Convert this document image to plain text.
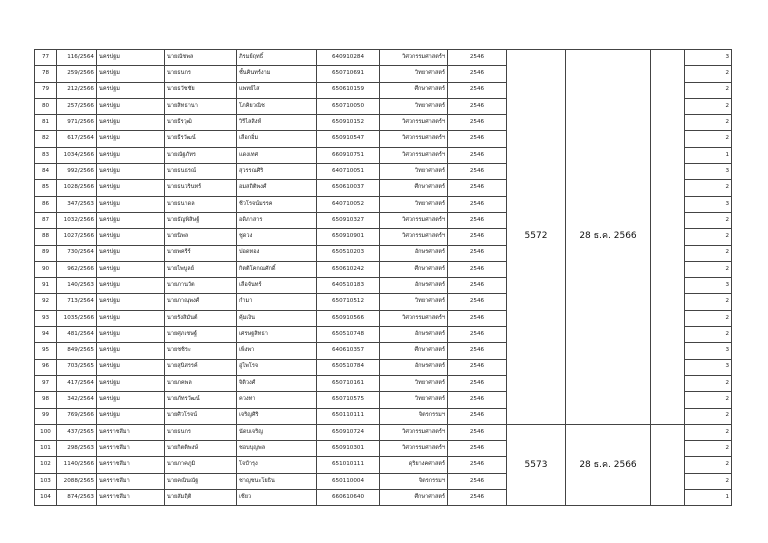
77	116/2564	นครปฐม	นายณัชพล	ภิรมย์ฤทธิ์	640910284	วิศวกรรมศาสตร์ฯ	2546	5572	28 ธ.ค. 2566		3
78	259/2566	นครปฐม	นายธนกร	ชั้นคินทร์งาม	650710691	วิทยาศาสตร์	2546				2
79	212/2566	นครปฐม	นายธวัชชัย	แพทย์ไส	650610159	ศึกษาศาสตร์	2546				2
80	257/2566	นครปฐม	นายสิทธานา	โภคิยวณิช	650710050	วิทยาศาสตร์	2546				2
81	971/2566	นครปฐม	นายธีรวุฒิ	วิรีไลสิงห์	650910152	วิศวกรรมศาสตร์ฯ	2546				2
82	617/2564	นครปฐม	นายธีรวัฒน์	เลือกอิ่ม	650910547	วิศวกรรมศาสตร์ฯ	2546				2
83	1034/2566	นครปฐม	นายณัฐภัทร	แดงเทศ	660910751	วิศวกรรมศาสตร์ฯ	2546				1
84	992/2566	นครปฐม	นายธนธรณ์	สุวรรณศิริ	640710051	วิทยาศาสตร์	2546				3
85	1028/2566	นครปฐม	นายธนวรินทร์	อมสถิติพงศ์	650610037	ศึกษาศาสตร์	2546				2
86	347/2563	นครปฐม	นายธนาดล	ชีวโรจน์มรรค	640710052	วิทยาศาสตร์	2546				3
87	1032/2566	นครปฐม	นายธัญพิสิษฐ์	อดิภาสาร	650910327	วิศวกรรมศาสตร์ฯ	2546				2
88	1027/2566	นครปฐม	นายนิพล	ชูดวง	650910901	วิศวกรรมศาสตร์ฯ	2546				2
89	730/2564	นครปฐม	นายพครีร์	ปอดทอง	650510203	อักษรศาสตร์	2546				2
90	962/2566	นครปฐม	นายไพบูลย์	กิตติโคกณศักดิ์	650610242	ศึกษาศาสตร์	2546				2
91	140/2563	นครปฐม	นายภานวัต	เลือจันทร์	640510183	อักษรศาสตร์	2546				3
92	713/2564	นครปฐม	นายภาณุพงศ์	กำมา	650710512	วิทยาศาสตร์	2546				2
93	1035/2566	นครปฐม	นายรังสิมันต์	คุ้มเงิน	650910566	วิศวกรรมศาสตร์ฯ	2546				2
94	481/2564	นครปฐม	นายศุภเชษฐ์	เศรษฐสิทธา	650510748	อักษรศาสตร์	2546				2
95	849/2565	นครปฐม	นายชชิระ	เพ็งพา	640610357	ศึกษาศาสตร์	2546				3
96	703/2565	นครปฐม	นายสุนิสรรค์	อู่ไพโรจ	650510784	อักษรศาสตร์	2546				3
97	417/2564	นครปฐม	นายภคพล	จิติวงศ์	650710161	วิทยาศาสตร์	2546				2
98	342/2564	นครปฐม	นายภัทรวัฒน์	ควงทา	650710575	วิทยาศาสตร์	2546				2
99	769/2566	นครปฐม	นายศิวโรจน์	เจริญศิริ	650110111	จิตรกรรมฯ	2546				2
100	437/2565	นครราชสีมา	นายธนกร	นัดบเจริญ	650910724	วิศวกรรมศาสตร์ฯ	2546	5573	28 ธ.ค. 2566		2
101	298/2563	นครราชสีมา	นายกิตติพงษ์	ชอบบุญพล	650910301	วิศวกรรมศาสตร์ฯ	2546				2
102	1140/2566	นครราชสีมา	นายภาคภูมิ	โจปำรุง	651010111	ดุริยางคศาสตร์	2546				2
103	2088/2565	นครราชสีมา	นายคณินณัฐ	ชาญชนะโยธิน	650110004	จิตรกรรมฯ	2546				2
104	874/2563	นครราชสีมา	นายสัมฤิติ	เชียว	660610640	ศึกษาศาสตร์	2546				1
